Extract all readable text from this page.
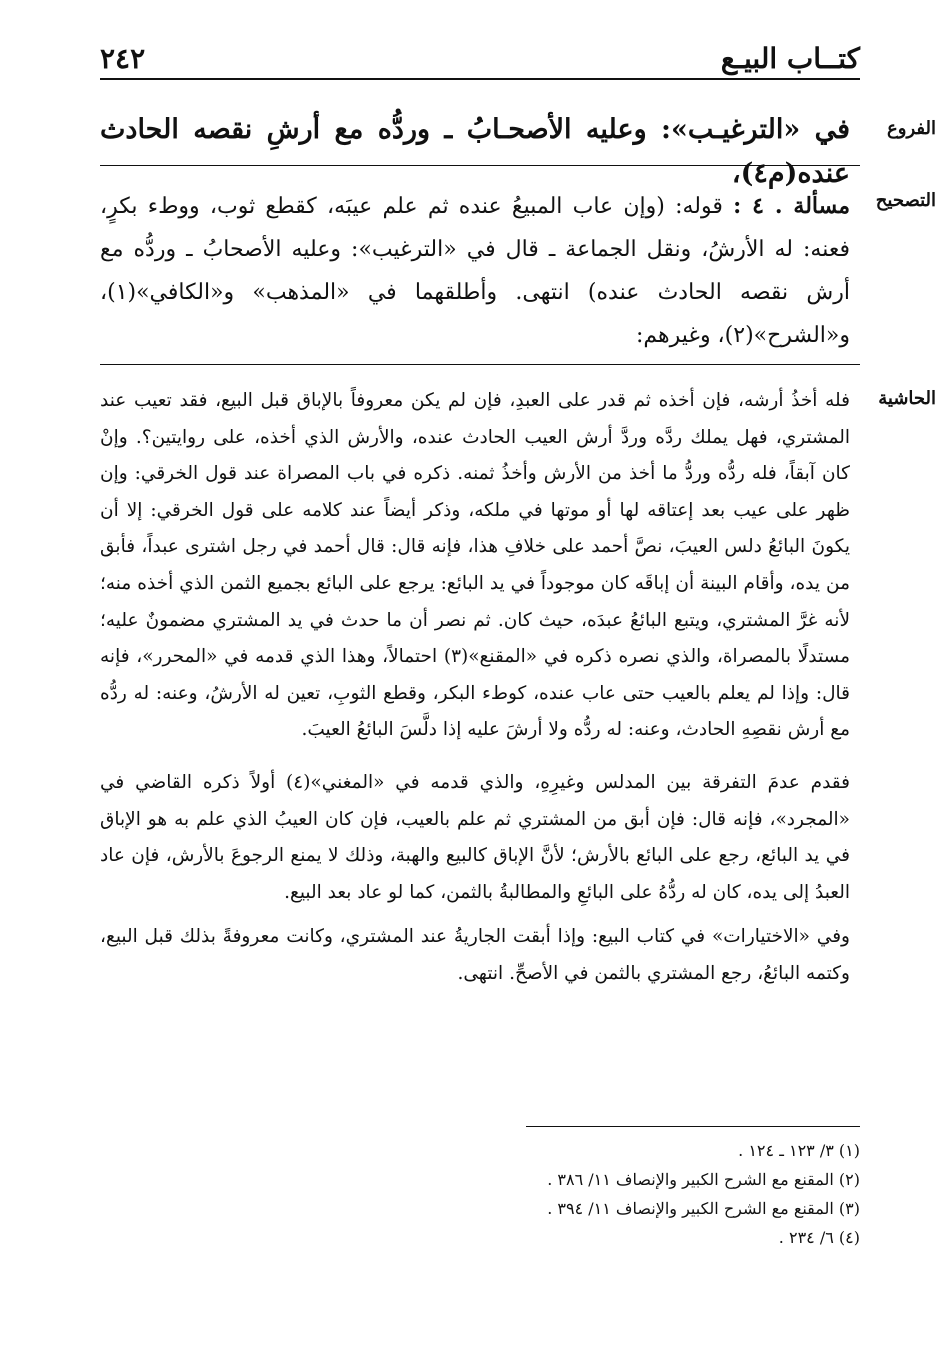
كتــاب البيـع
٢٤٢
الفروع
في «الترغيـب»: وعليه الأصحـابُ ـ وردُّه مع أرشِ نقصه الحادث عنده(م٤)،
التصحيح
مسألة . ٤ : قوله: (وإن عاب المبيعُ عنده ثم علم عيبَه، كقطع ثوب، ووطء بكرٍ، فعنه: له الأرشُ، ونقل الجماعة ـ قال في «الترغيب»: وعليه الأصحابُ ـ وردُّه مع أرش نقصه الحادث عنده) انتهى. وأطلقهما في «المذهب» و«الكافي»(١)، و«الشرح»(٢)، وغيرهم:
الحاشية

فله أخذُ أرشه، فإن أخذه ثم قدر على العبدِ، فإن لم يكن معروفاً بالإباق قبل البيع، فقد تعيب عند المشتري، فهل يملك ردَّه وردَّ أرش العيب الحادث عنده، والأرش الذي أخذه، على روايتين؟. وإنْ كان آبقاً، فله ردُّه وردُّ ما أخذ من الأرش وأخذُ ثمنه. ذكره في باب المصراة عند قول الخرقي: وإن ظهر على عيب بعد إعتاقه لها أو موتها في ملكه، وذكر أيضاً عند كلامه على قول الخرقي: إلا أن يكونَ البائعُ دلس العيبَ، نصَّ أحمد على خلافِ هذا، فإنه قال: قال أحمد في رجل اشترى عبداً، فأبق من يده، وأقام البينة أن إباقَه كان موجوداً في يد البائع: يرجع على البائع بجميع الثمن الذي أخذه منه؛ لأنه غرَّ المشتري، ويتبع البائعُ عبدَه، حيث كان. ثم نصر أن ما حدث في يد المشتري مضمونٌ عليه؛ مستدلًا بالمصراة، والذي نصره ذكره في «المقنع»(٣) احتمالاً، وهذا الذي قدمه في «المحرر»، فإنه قال: وإذا لم يعلم بالعيب حتى عاب عنده، كوطء البكر، وقطع الثوبِ، تعين له الأرشُ، وعنه: له ردُّه مع أرش نقصِهِ الحادث، وعنه: له ردُّه ولا أرشَ عليه إذا دلَّسَ البائعُ العيبَ.

فقدم عدمَ التفرقة بين المدلس وغيرِهِ، والذي قدمه في «المغني»(٤) أولاً ذكره القاضي في «المجرد»، فإنه قال: فإن أبق من المشتري ثم علم بالعيب، فإن كان العيبُ الذي علم به هو الإباق في يد البائع، رجع على البائع بالأرش؛ لأنَّ الإباق كالبيع والهبة، وذلك لا يمنع الرجوعَ بالأرش، فإن عاد العبدُ إلى يده، كان له ردُّهُ على البائعِ والمطالبةُ بالثمن، كما لو عاد بعد البيع.

وفي «الاختيارات» في كتاب البيع: وإذا أبقت الجاريةُ عند المشتري، وكانت معروفةً بذلك قبل البيع، وكتمه البائعُ، رجع المشتري بالثمن في الأصحِّ. انتهى.

(١) ٣/ ١٢٣ ـ ١٢٤ .
(٢) المقنع مع الشرح الكبير والإنصاف ١١/ ٣٨٦ .
(٣) المقنع مع الشرح الكبير والإنصاف ١١/ ٣٩٤ .
(٤) ٦/ ٢٣٤ .
